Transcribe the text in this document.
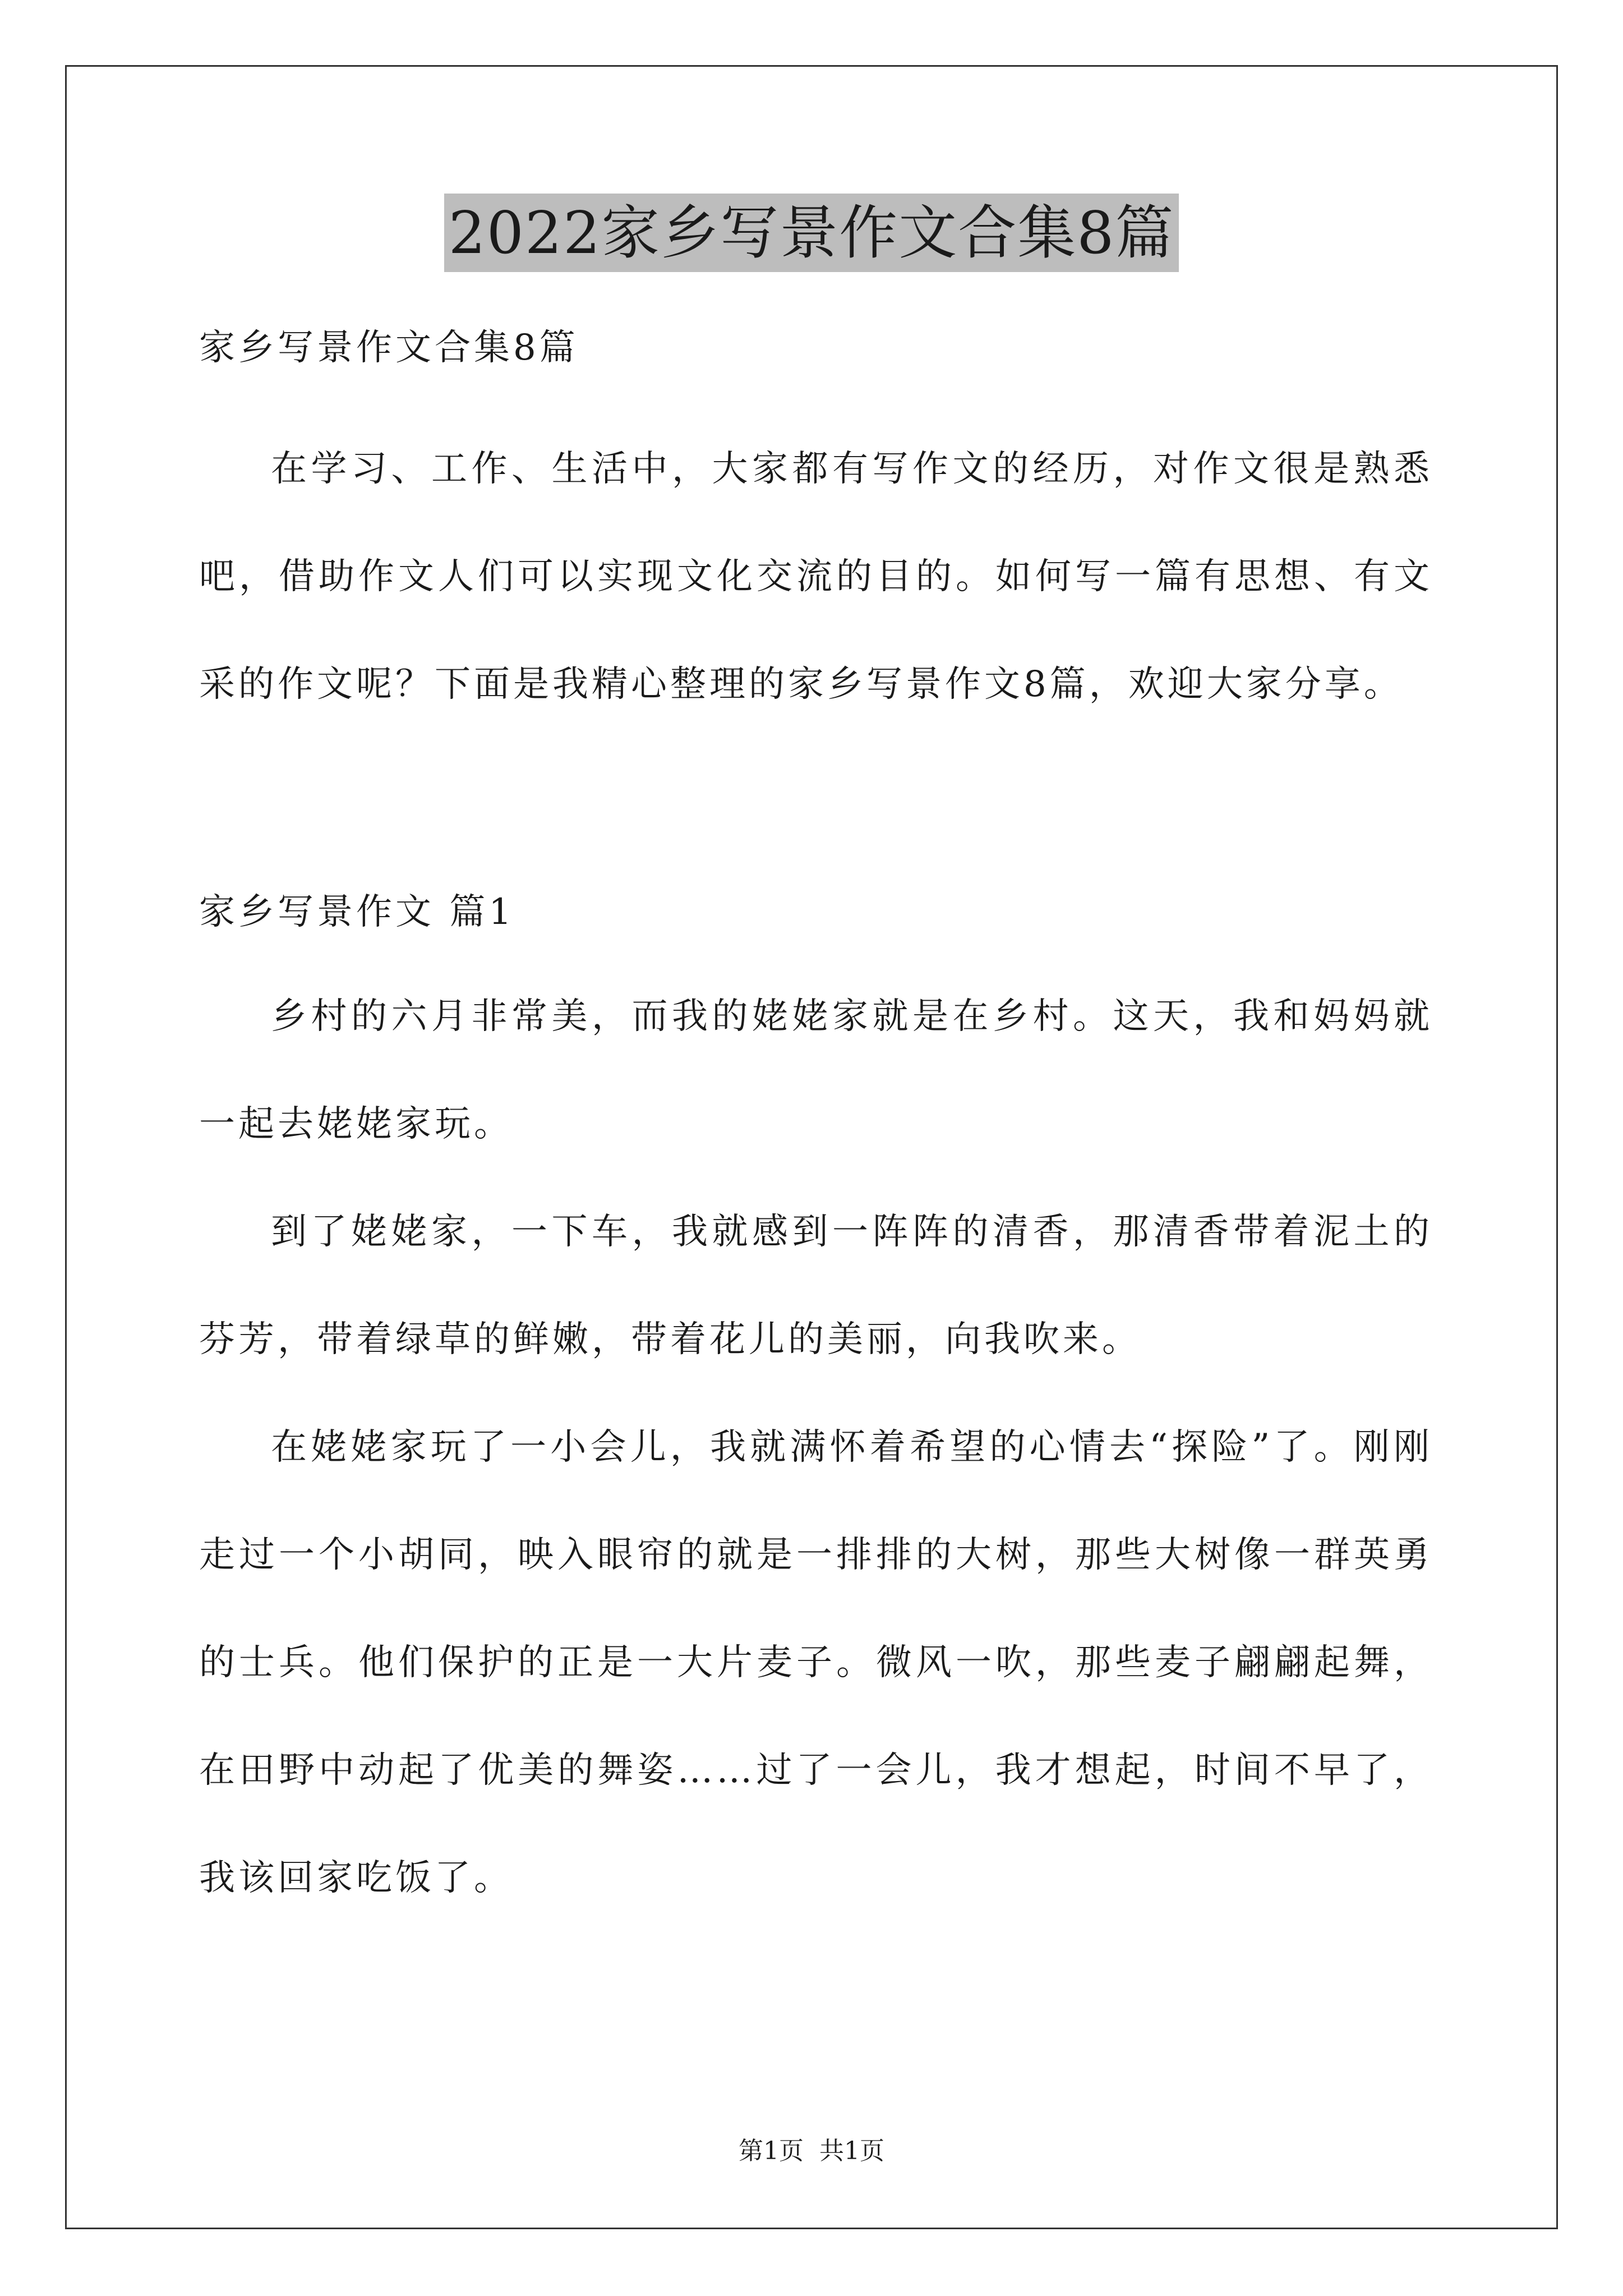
2022家乡写景作文合集8篇

家乡写景作文合集8篇

在学习、工作、生活中，大家都有写作文的经历，对作文很是熟悉吧，借助作文人们可以实现文化交流的目的。如何写一篇有思想、有文采的作文呢？下面是我精心整理的家乡写景作文8篇，欢迎大家分享。

家乡写景作文 篇1

乡村的六月非常美，而我的姥姥家就是在乡村。这天，我和妈妈就一起去姥姥家玩。

到了姥姥家，一下车，我就感到一阵阵的清香，那清香带着泥土的芬芳，带着绿草的鲜嫩，带着花儿的美丽，向我吹来。

在姥姥家玩了一小会儿，我就满怀着希望的心情去“探险”了。刚刚走过一个小胡同，映入眼帘的就是一排排的大树，那些大树像一群英勇的士兵。他们保护的正是一大片麦子。微风一吹，那些麦子翩翩起舞，在田野中动起了优美的舞姿……过了一会儿，我才想起，时间不早了，我该回家吃饭了。

第1页 共1页
